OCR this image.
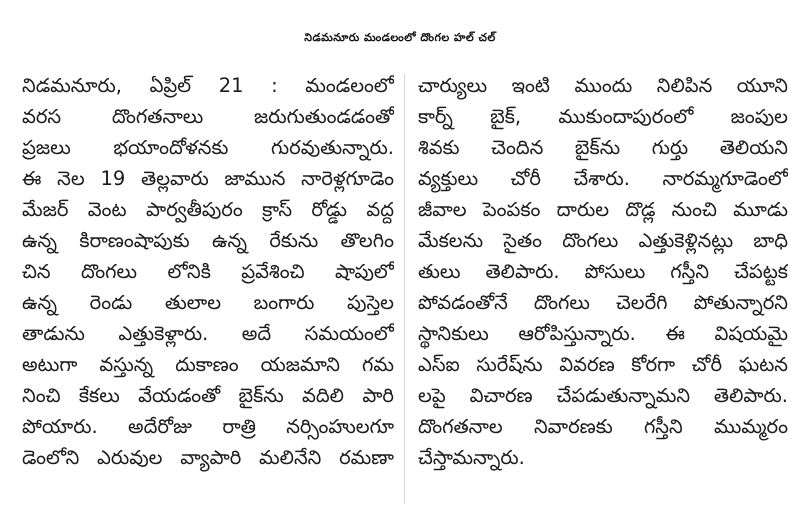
నిడమనూరు మండలంలో దొంగల హల్ చల్
నిడమనూరు, ఏప్రిల్ 21 : మండలంలో
వరస దొంగతనాలు జరుగుతుండడంతో
ప్రజలు భయాందోళనకు గురవుతున్నారు.
ఈ నెల 19 తెల్లవారు జామున నారెళ్లగూడెం
మేజర్ వెంట పార్వతీపురం క్రాస్ రోడ్డు వద్ద
ఉన్న కిరాణంషాపుకు ఉన్న రేకును తొలగిం
చిన దొంగలు లోనికి ప్రవేశించి షాపులో
ఉన్న రెండు తులాల బంగారు పుస్తెల
తాడును ఎత్తుకెళ్లారు. అదే సమయంలో
అటుగా వస్తున్న దుకాణం యజమాని గమ
నించి కేకలు వేయడంతో బైక్‌ను వదిలి పారి
పోయారు. అదేరోజు రాత్రి నర్సింహులగూ
డెంలోని ఎరువుల వ్యాపారి మలినేని రమణా
చార్యులు ఇంటి ముందు నిలిపిన యూని
కార్న్ బైక్, ముకుందాపురంలో జంపుల
శివకు చెందిన బైక్‌ను గుర్తు తెలియని
వ్యక్తులు చోరీ చేశారు. నారమ్మగూడెంలో
జీవాల పెంపకం దారుల దొడ్ల నుంచి మూడు
మేకలను సైతం దొంగలు ఎత్తుకెళ్లినట్లు బాధి
తులు తెలిపారు. పోసులు గస్తీని చేపట్టక
పోవడంతోనే దొంగలు చెలరేగి పోతున్నారని
స్థానికులు ఆరోపిస్తున్నారు. ఈ విషయమై
ఎస్ఐ సురేష్‌ను వివరణ కోరగా చోరీ ఘటన
లపై విచారణ చేపడుతున్నామని తెలిపారు.
దొంగతనాల నివారణకు గస్తీని ముమ్మరం
చేస్తామన్నారు.
